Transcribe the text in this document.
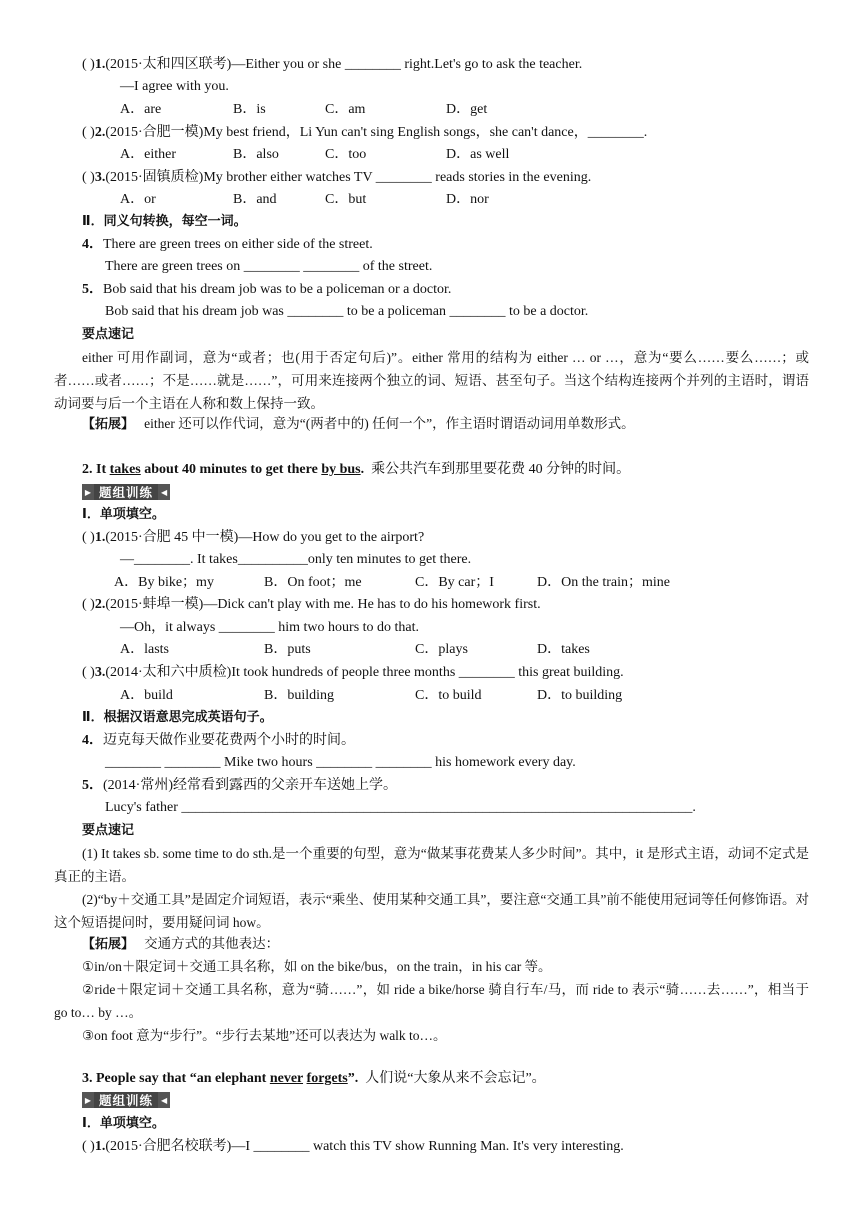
( )1.(2015·太和四区联考)—Either you or she ________ right.Let's go to ask the teacher.
—I agree with you.
A．are	B．is	C．am	D．get
( )2.(2015·合肥一模)My best friend，Li Yun can't sing English songs，she can't dance，________.
A．either	B．also	C．too	D．as well
( )3.(2015·固镇质检)My brother either watches TV ________ reads stories in the evening.
A．or	B．and	C．but	D．nor
Ⅱ．同义句转换，每空一词。
4．There are green trees on either side of the street.
There are green trees on ________ ________ of the street.
5．Bob said that his dream job was to be a policeman or a doctor.
Bob said that his dream job was ________ to be a policeman ________ to be a doctor.
要点速记
either 可用作副词，意为“或者；也(用于否定句后)”。either 常用的结构为 either … or …，意为“要么……要么……；或者……或者……；不是……就是……”，可用来连接两个独立的词、短语、甚至句子。当这个结构连接两个并列的主语时，谓语动词要与后一个主语在人称和数上保持一致。
【拓展】 either 还可以作代词，意为“(两者中的) 任何一个”，作主语时谓语动词用单数形式。
2. It takes about 40 minutes to get there by bus. 乘公共汽车到那里要花费 40 分钟的时间。
▶ 题组训练 ◀
Ⅰ．单项填空。
( )1.(2015·合肥 45 中一模)—How do you get to the airport?
—________. It takes__________only ten minutes to get there.
A．By bike；my	B．On foot；me	C．By car；I	D．On the train；mine
( )2.(2015·蚌埠一模)—Dick can't play with me. He has to do his homework first.
—Oh，it always ________ him two hours to do that.
A．lasts	B．puts	C．plays	D．takes
( )3.(2014·太和六中质检)It took hundreds of people three months ________ this great building.
A．build	B．building	C．to build	D．to building
Ⅱ．根据汉语意思完成英语句子。
4．迈克每天做作业要花费两个小时的时间。
________ ________ Mike two hours ________ ________ his homework every day.
5．(2014·常州)经常看到露西的父亲开车送她上学。
Lucy's father _________________________________________________________________________.
要点速记
(1) It takes sb. some time to do sth.是一个重要的句型，意为“做某事花费某人多少时间”。其中，it 是形式主语，动词不定式是真正的主语。
(2)“by＋交通工具”是固定介词短语，表示“乘坐、使用某种交通工具”，要注意“交通工具”前不能使用冠词等任何修饰语。对这个短语提问时，要用疑问词 how。
【拓展】 交通方式的其他表达：
①in/on＋限定词＋交通工具名称，如 on the bike/bus，on the train，in his car 等。
②ride＋限定词＋交通工具名称，意为“骑……”，如 ride a bike/horse 骑自行车/马，而 ride to 表示“骑……去……”，相当于 go to… by …。
③on foot 意为“步行”。“步行去某地”还可以表达为 walk to…。
3. People say that “an elephant never forgets”. 人们说“大象从来不会忘记”。
▶ 题组训练 ◀
Ⅰ．单项填空。
( )1.(2015·合肥名校联考)—I ________ watch this TV show Running Man. It's very interesting.
